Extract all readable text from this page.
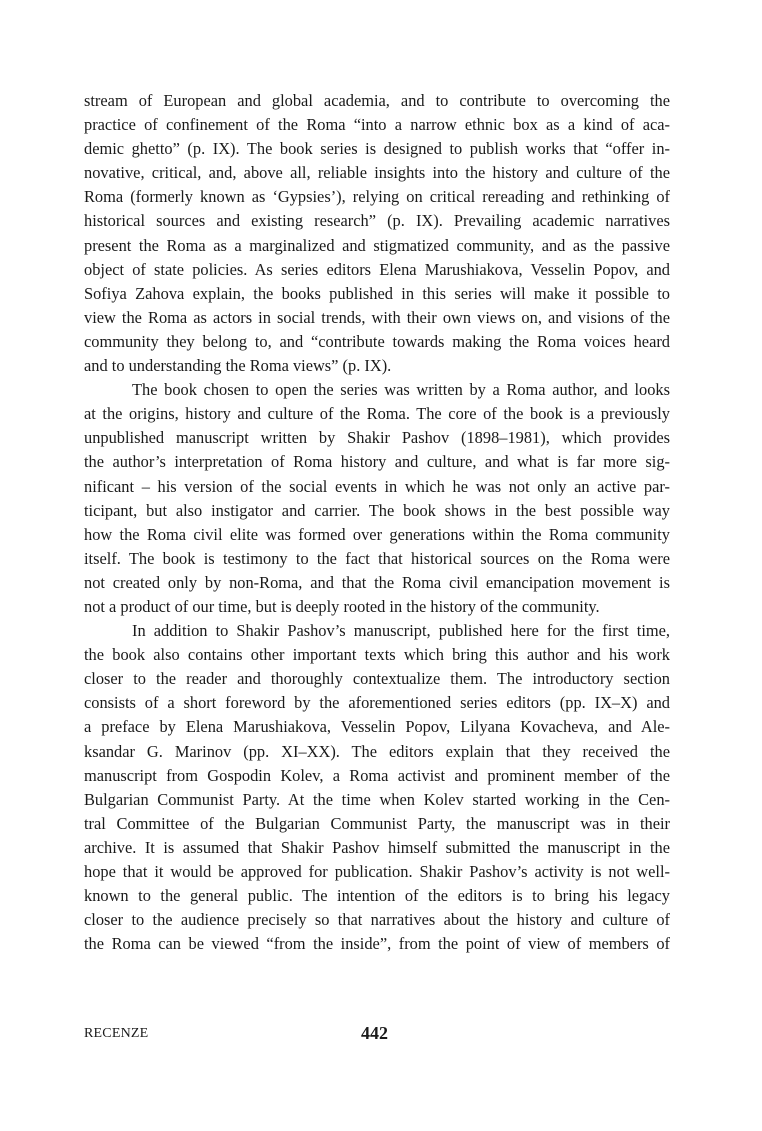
stream of European and global academia, and to contribute to overcoming the
practice of confinement of the Roma “into a narrow ethnic box as a kind of aca-
demic ghetto” (p. IX). The book series is designed to publish works that “offer in-
novative, critical, and, above all, reliable insights into the history and culture of the
Roma (formerly known as ‘Gypsies’), relying on critical rereading and rethinking of
historical sources and existing research” (p. IX). Prevailing academic narratives
present the Roma as a marginalized and stigmatized community, and as the passive
object of state policies. As series editors Elena Marushiakova, Vesselin Popov, and
Sofiya Zahova explain, the books published in this series will make it possible to
view the Roma as actors in social trends, with their own views on, and visions of the
community they belong to, and “contribute towards making the Roma voices heard
and to understanding the Roma views” (p. IX).
The book chosen to open the series was written by a Roma author, and looks
at the origins, history and culture of the Roma. The core of the book is a previously
unpublished manuscript written by Shakir Pashov (1898–1981), which provides
the author’s interpretation of Roma history and culture, and what is far more sig-
nificant – his version of the social events in which he was not only an active par-
ticipant, but also instigator and carrier. The book shows in the best possible way
how the Roma civil elite was formed over generations within the Roma community
itself. The book is testimony to the fact that historical sources on the Roma were
not created only by non-Roma, and that the Roma civil emancipation movement is
not a product of our time, but is deeply rooted in the history of the community.
In addition to Shakir Pashov’s manuscript, published here for the first time,
the book also contains other important texts which bring this author and his work
closer to the reader and thoroughly contextualize them. The introductory section
consists of a short foreword by the aforementioned series editors (pp. IX–X) and
a preface by Elena Marushiakova, Vesselin Popov, Lilyana Kovacheva, and Ale-
ksandar G. Marinov (pp. XI–XX). The editors explain that they received the
manuscript from Gospodin Kolev, a Roma activist and prominent member of the
Bulgarian Communist Party. At the time when Kolev started working in the Cen-
tral Committee of the Bulgarian Communist Party, the manuscript was in their
archive. It is assumed that Shakir Pashov himself submitted the manuscript in the
hope that it would be approved for publication. Shakir Pashov’s activity is not well-
known to the general public. The intention of the editors is to bring his legacy
closer to the audience precisely so that narratives about the history and culture of
the Roma can be viewed “from the inside”, from the point of view of members of
RECENZE	442
